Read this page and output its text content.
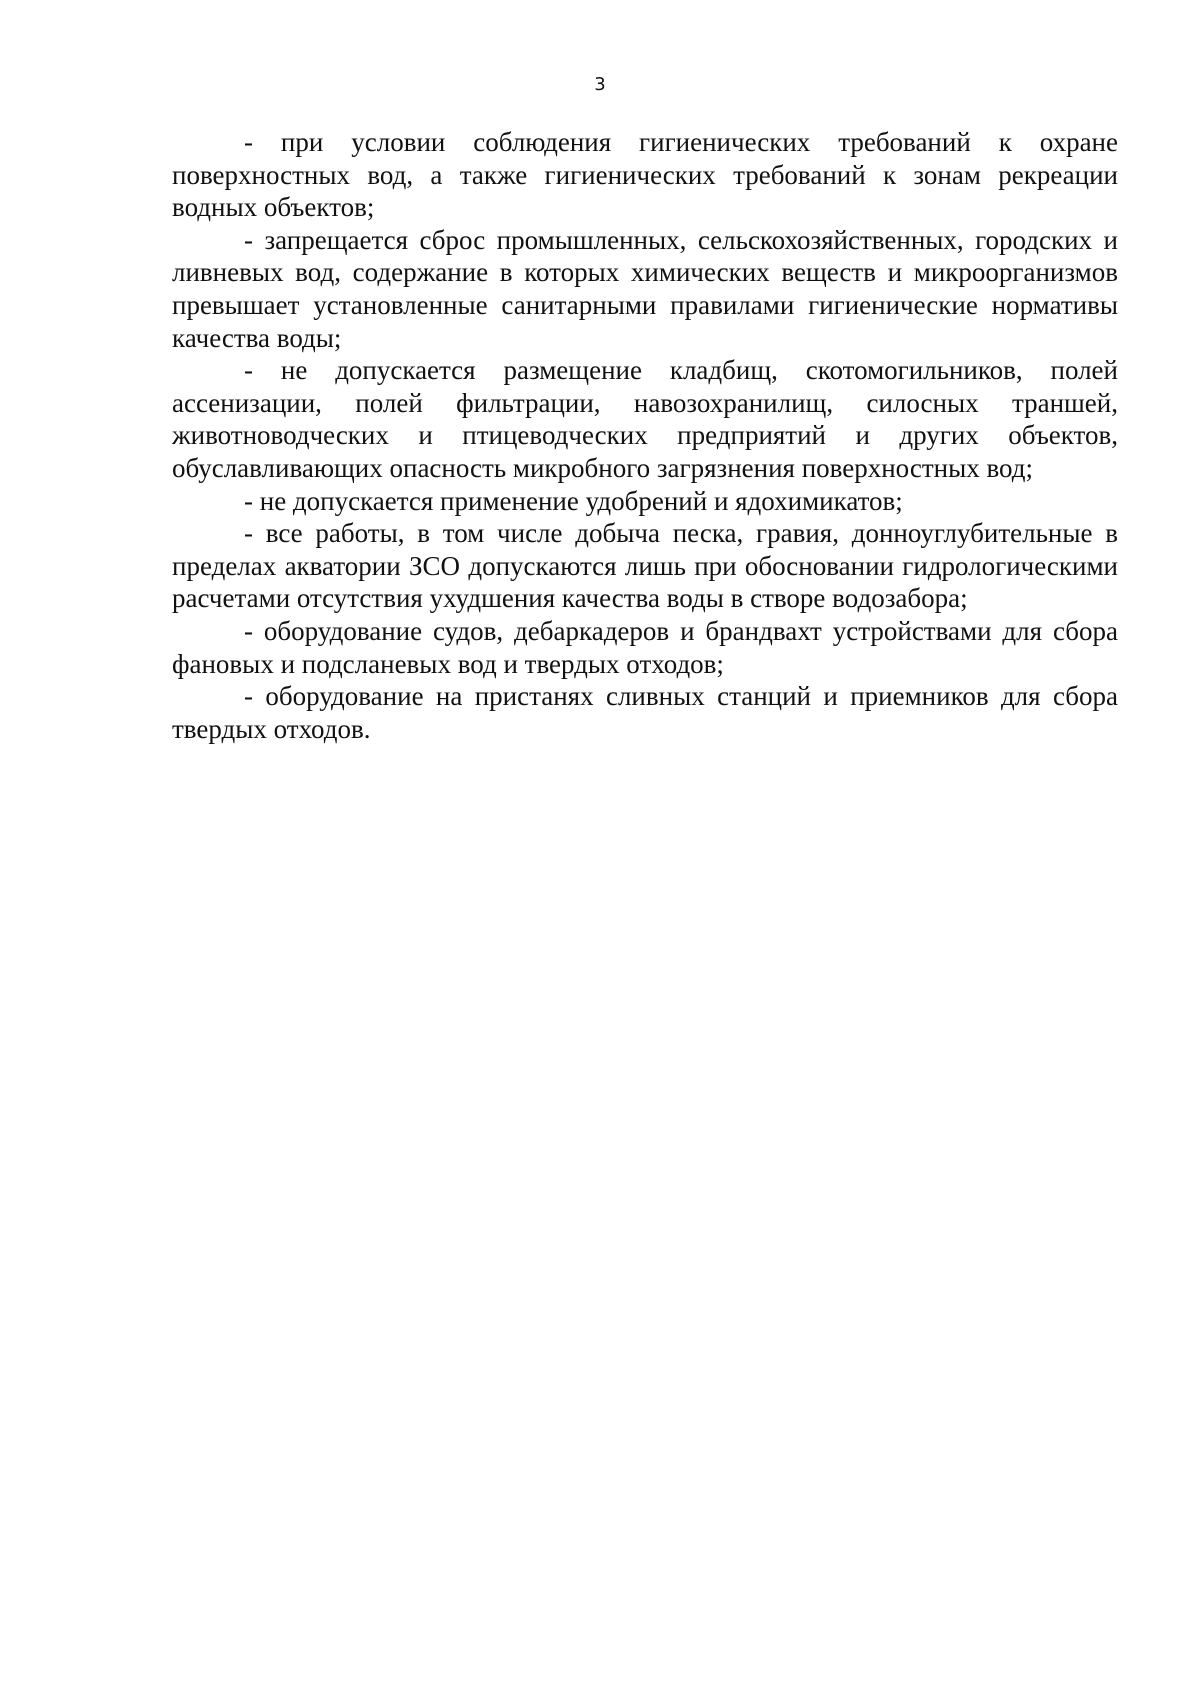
3

- при условии соблюдения гигиенических требований к охране поверхностных вод, а также гигиенических требований к зонам рекреации водных объектов;

- запрещается сброс промышленных, сельскохозяйственных, городских и ливневых вод, содержание в которых химических веществ и микроорганизмов превышает установленные санитарными правилами гигиенические нормативы качества воды;

- не допускается размещение кладбищ, скотомогильников, полей ассенизации, полей фильтрации, навозохранилищ, силосных траншей, животноводческих и птицеводческих предприятий и других объектов, обуславливающих опасность микробного загрязнения поверхностных вод;

- не допускается применение удобрений и ядохимикатов;

- все работы, в том числе добыча песка, гравия, донноуглубительные в пределах акватории ЗСО допускаются лишь при обосновании гидрологическими расчетами отсутствия ухудшения качества воды в створе водозабора;

- оборудование судов, дебаркадеров и брандвахт устройствами для сбора фановых и подсланевых вод и твердых отходов;

- оборудование на пристанях сливных станций и приемников для сбора твердых отходов.
